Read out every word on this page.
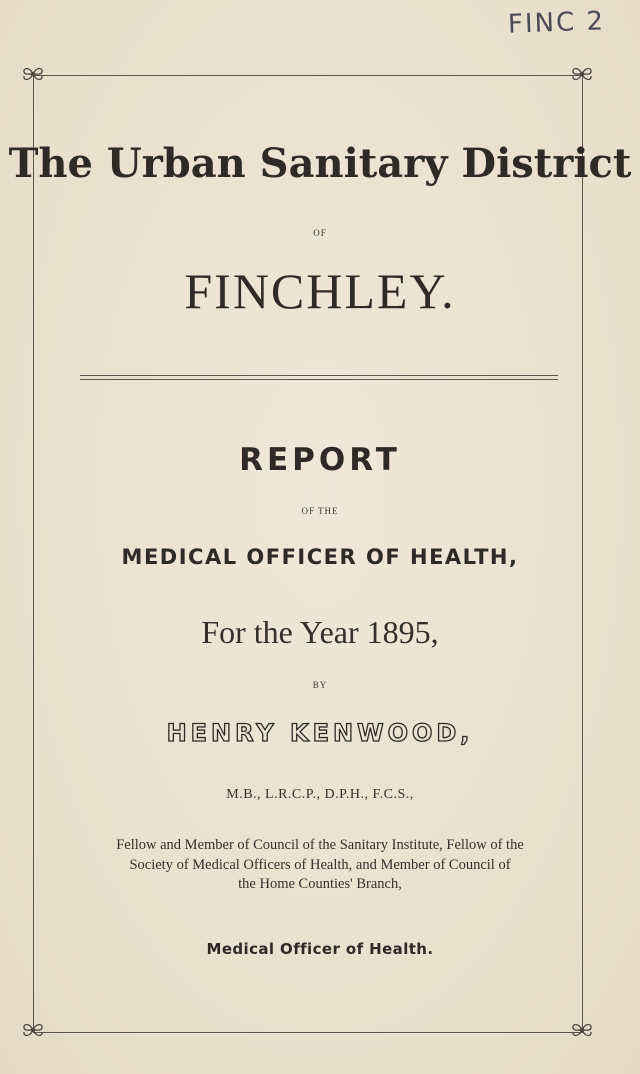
FINC 2
The Urban Sanitary District
OF
FINCHLEY.
REPORT
OF THE
MEDICAL OFFICER OF HEALTH,
For the Year 1895,
BY
HENRY KENWOOD,
M.B., L.R.C.P., D.P.H., F.C.S.,
Fellow and Member of Council of the Sanitary Institute, Fellow of the
Society of Medical Officers of Health, and Member of Council of
the Home Counties' Branch,
Medical Officer of Health.
